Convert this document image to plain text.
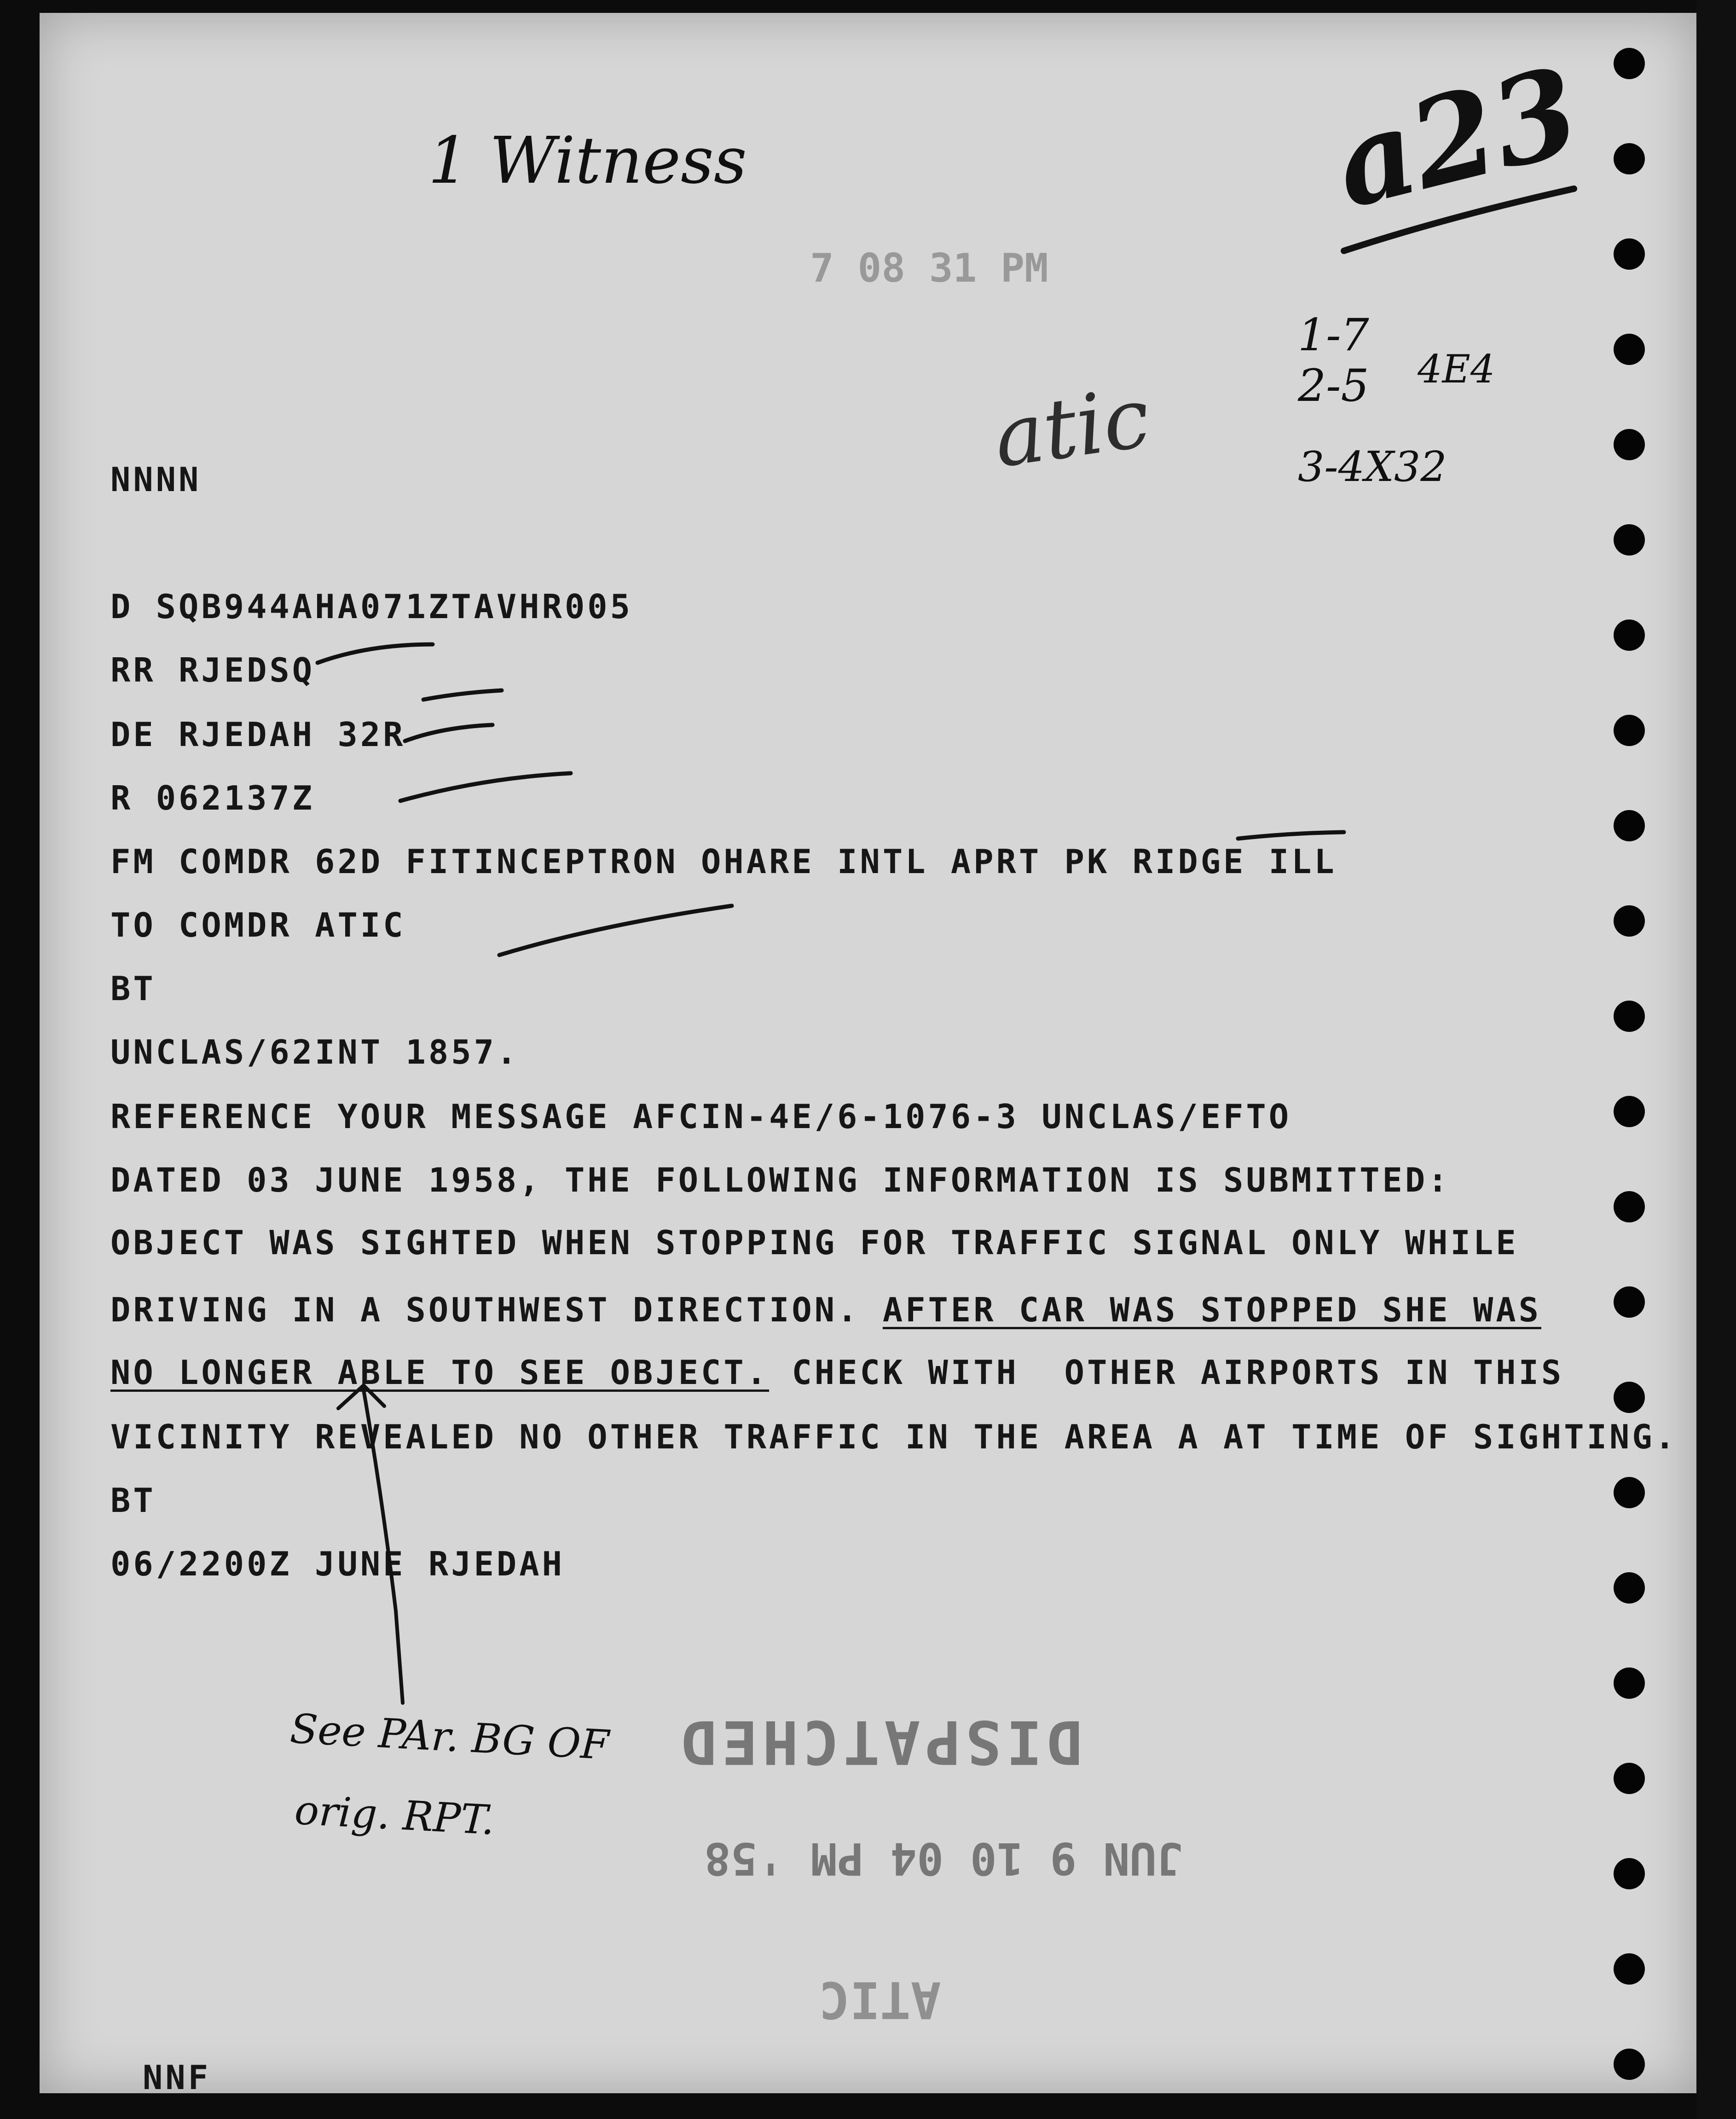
NNNN
D SQB944AHA071ZTAVHR005
RR RJEDSQ
DE RJEDAH 32R
R 062137Z
FM COMDR 62D FITINCEPTRON OHARE INTL APRT PK RIDGE ILL
TO COMDR ATIC
BT
UNCLAS/62INT 1857.
REFERENCE YOUR MESSAGE AFCIN-4E/6-1076-3 UNCLAS/EFTO
DATED 03 JUNE 1958, THE FOLLOWING INFORMATION IS SUBMITTED:
OBJECT WAS SIGHTED WHEN STOPPING FOR TRAFFIC SIGNAL ONLY WHILE
DRIVING IN A SOUTHWEST DIRECTION. AFTER CAR WAS STOPPED SHE WAS
NO LONGER ABLE TO SEE OBJECT. CHECK WITH  OTHER AIRPORTS IN THIS
VICINITY REVEALED NO OTHER TRAFFIC IN THE AREA A AT TIME OF SIGHTING.
BT
06/2200Z JUNE RJEDAH
NNF
1 Witness	a23
1-7
2-5 4E4
3-4X32
atic
See PAr. BG OF
orig. RPT.
7 08 31 PM
DISPATCHED
JUN 9 10 04 PM '58
ATIC
